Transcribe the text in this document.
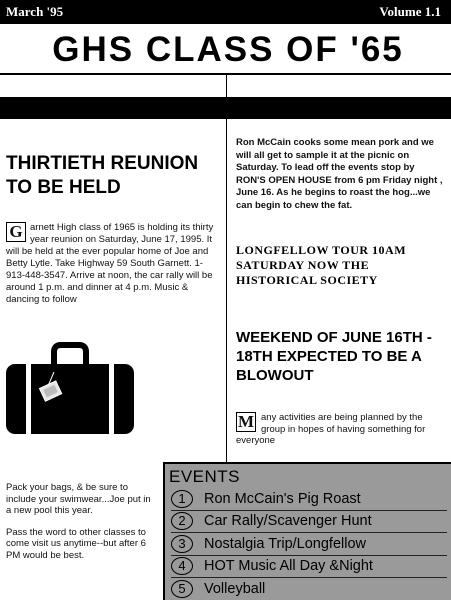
March '95	Volume 1.1
GHS CLASS OF '65
THIRTIETH REUNION TO BE HELD
G arnett High class of 1965 is holding its thirty year reunion on Saturday, June 17, 1995. It will be held at the ever popular home of Joe and Betty Lytle. Take Highway 59 South Garnett. 1-913-448-3547. Arrive at noon, the car rally will be around 1 p.m. and dinner at 4 p.m. Music & dancing to follow

Pack your bags, & be sure to include your swimwear...Joe put in a new pool this year.

Pass the word to other classes to come visit us anytime--but after 6 PM would be best.

Ron McCain cooks some mean pork and we will all get to sample it at the picnic on Saturday. To lead off the events stop by RON'S OPEN HOUSE from 6 pm Friday night , June 16. As he begins to roast the hog...we can begin to chew the fat.
LONGFELLOW TOUR 10AM SATURDAY NOW THE HISTORICAL SOCIETY
WEEKEND OF JUNE 16TH - 18TH EXPECTED TO BE A BLOWOUT
M any activities are being planned by the group in hopes of having something for everyone
EVENTS
1	Ron McCain's Pig Roast
2	Car Rally/Scavenger Hunt
3	Nostalgia Trip/Longfellow
4	HOT Music All Day &Night
5	Volleyball
